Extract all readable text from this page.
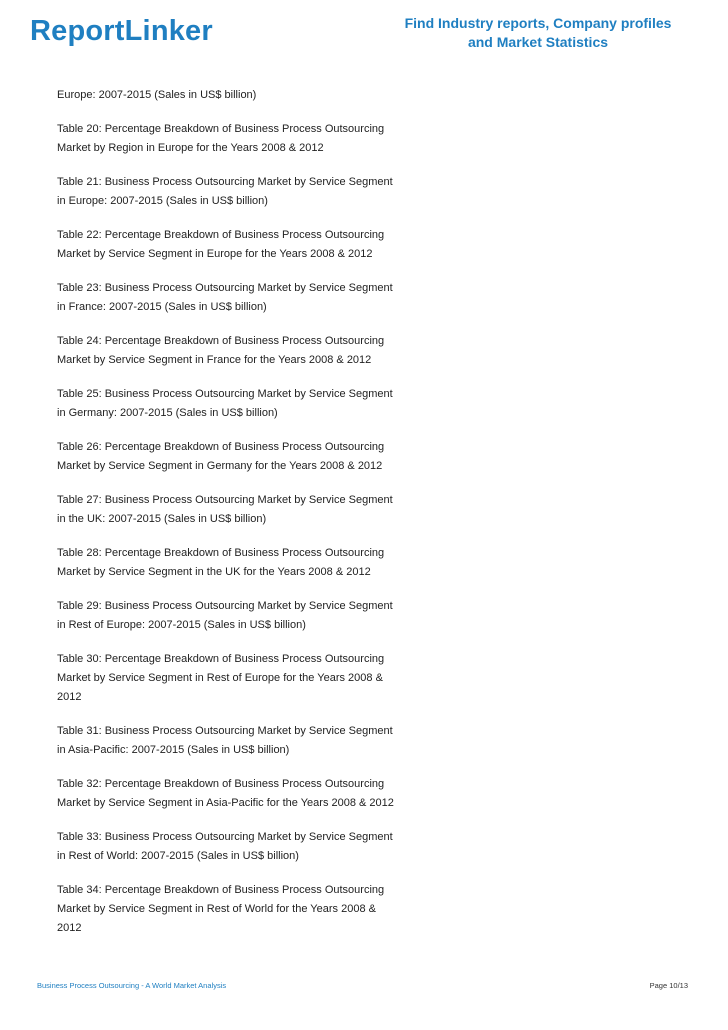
ReportLinker	Find Industry reports, Company profiles
and Market Statistics
Europe: 2007-2015 (Sales in US$ billion)
Table 20: Percentage Breakdown of Business Process Outsourcing Market by Region in Europe for the Years 2008 & 2012
Table 21: Business Process Outsourcing Market by Service Segment in Europe: 2007-2015 (Sales in US$ billion)
Table 22: Percentage Breakdown of Business Process Outsourcing Market by Service Segment in Europe for the Years 2008 & 2012
Table 23: Business Process Outsourcing Market by Service Segment in France: 2007-2015 (Sales in US$ billion)
Table 24: Percentage Breakdown of Business Process Outsourcing Market by Service Segment in France for the Years 2008 & 2012
Table 25: Business Process Outsourcing Market by Service Segment in Germany: 2007-2015 (Sales in US$ billion)
Table 26: Percentage Breakdown of Business Process Outsourcing Market by Service Segment in Germany for the Years 2008 & 2012
Table 27: Business Process Outsourcing Market by Service Segment in the UK: 2007-2015 (Sales in US$ billion)
Table 28: Percentage Breakdown of Business Process Outsourcing Market by Service Segment in the UK for the Years 2008 & 2012
Table 29: Business Process Outsourcing Market by Service Segment in Rest of Europe: 2007-2015 (Sales in US$ billion)
Table 30: Percentage Breakdown of Business Process Outsourcing Market by Service Segment in Rest of Europe for the Years 2008 & 2012
Table 31: Business Process Outsourcing Market by Service Segment in Asia-Pacific: 2007-2015 (Sales in US$ billion)
Table 32: Percentage Breakdown of Business Process Outsourcing Market by Service Segment in Asia-Pacific for the Years 2008 & 2012
Table 33: Business Process Outsourcing Market by Service Segment in Rest of World: 2007-2015 (Sales in US$ billion)
Table 34: Percentage Breakdown of Business Process Outsourcing Market by Service Segment in Rest of World for the Years 2008 & 2012
Business Process Outsourcing - A World Market Analysis	Page 10/13
